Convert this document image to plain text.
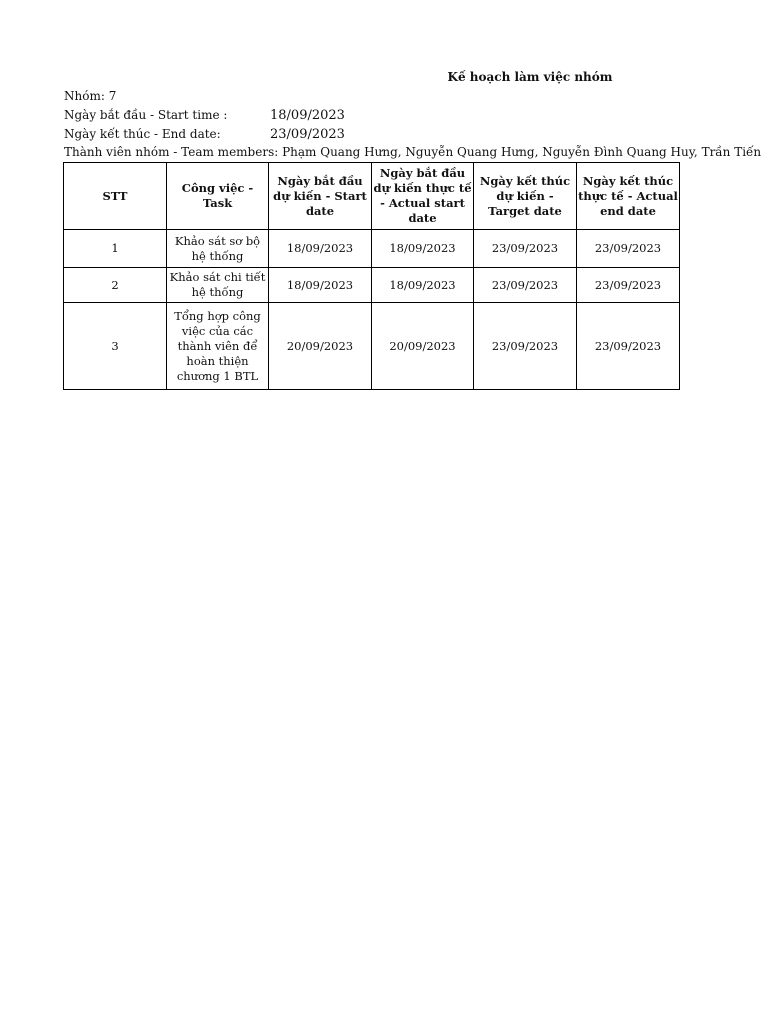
Kế hoạch làm việc nhóm
Nhóm: 7
Ngày bắt đầu - Start time :	18/09/2023
Ngày kết thúc - End date:	23/09/2023
Thành viên nhóm - Team members: Phạm Quang Hưng, Nguyễn Quang Hưng, Nguyễn Đình Quang Huy, Trần Tiến
STT	Công việc - Task	Ngày bắt đầu dự kiến - Start date	Ngày bắt đầu dự kiến thực tế - Actual start date	Ngày kết thúc dự kiến - Target date	Ngày kết thúc thực tế - Actual end date
1	Khảo sát sơ bộ hệ thống	18/09/2023	18/09/2023	23/09/2023	23/09/2023
2	Khảo sát chi tiết hệ thống	18/09/2023	18/09/2023	23/09/2023	23/09/2023
3	Tổng hợp công việc của các thành viên để hoàn thiện chương 1 BTL	20/09/2023	20/09/2023	23/09/2023	23/09/2023
